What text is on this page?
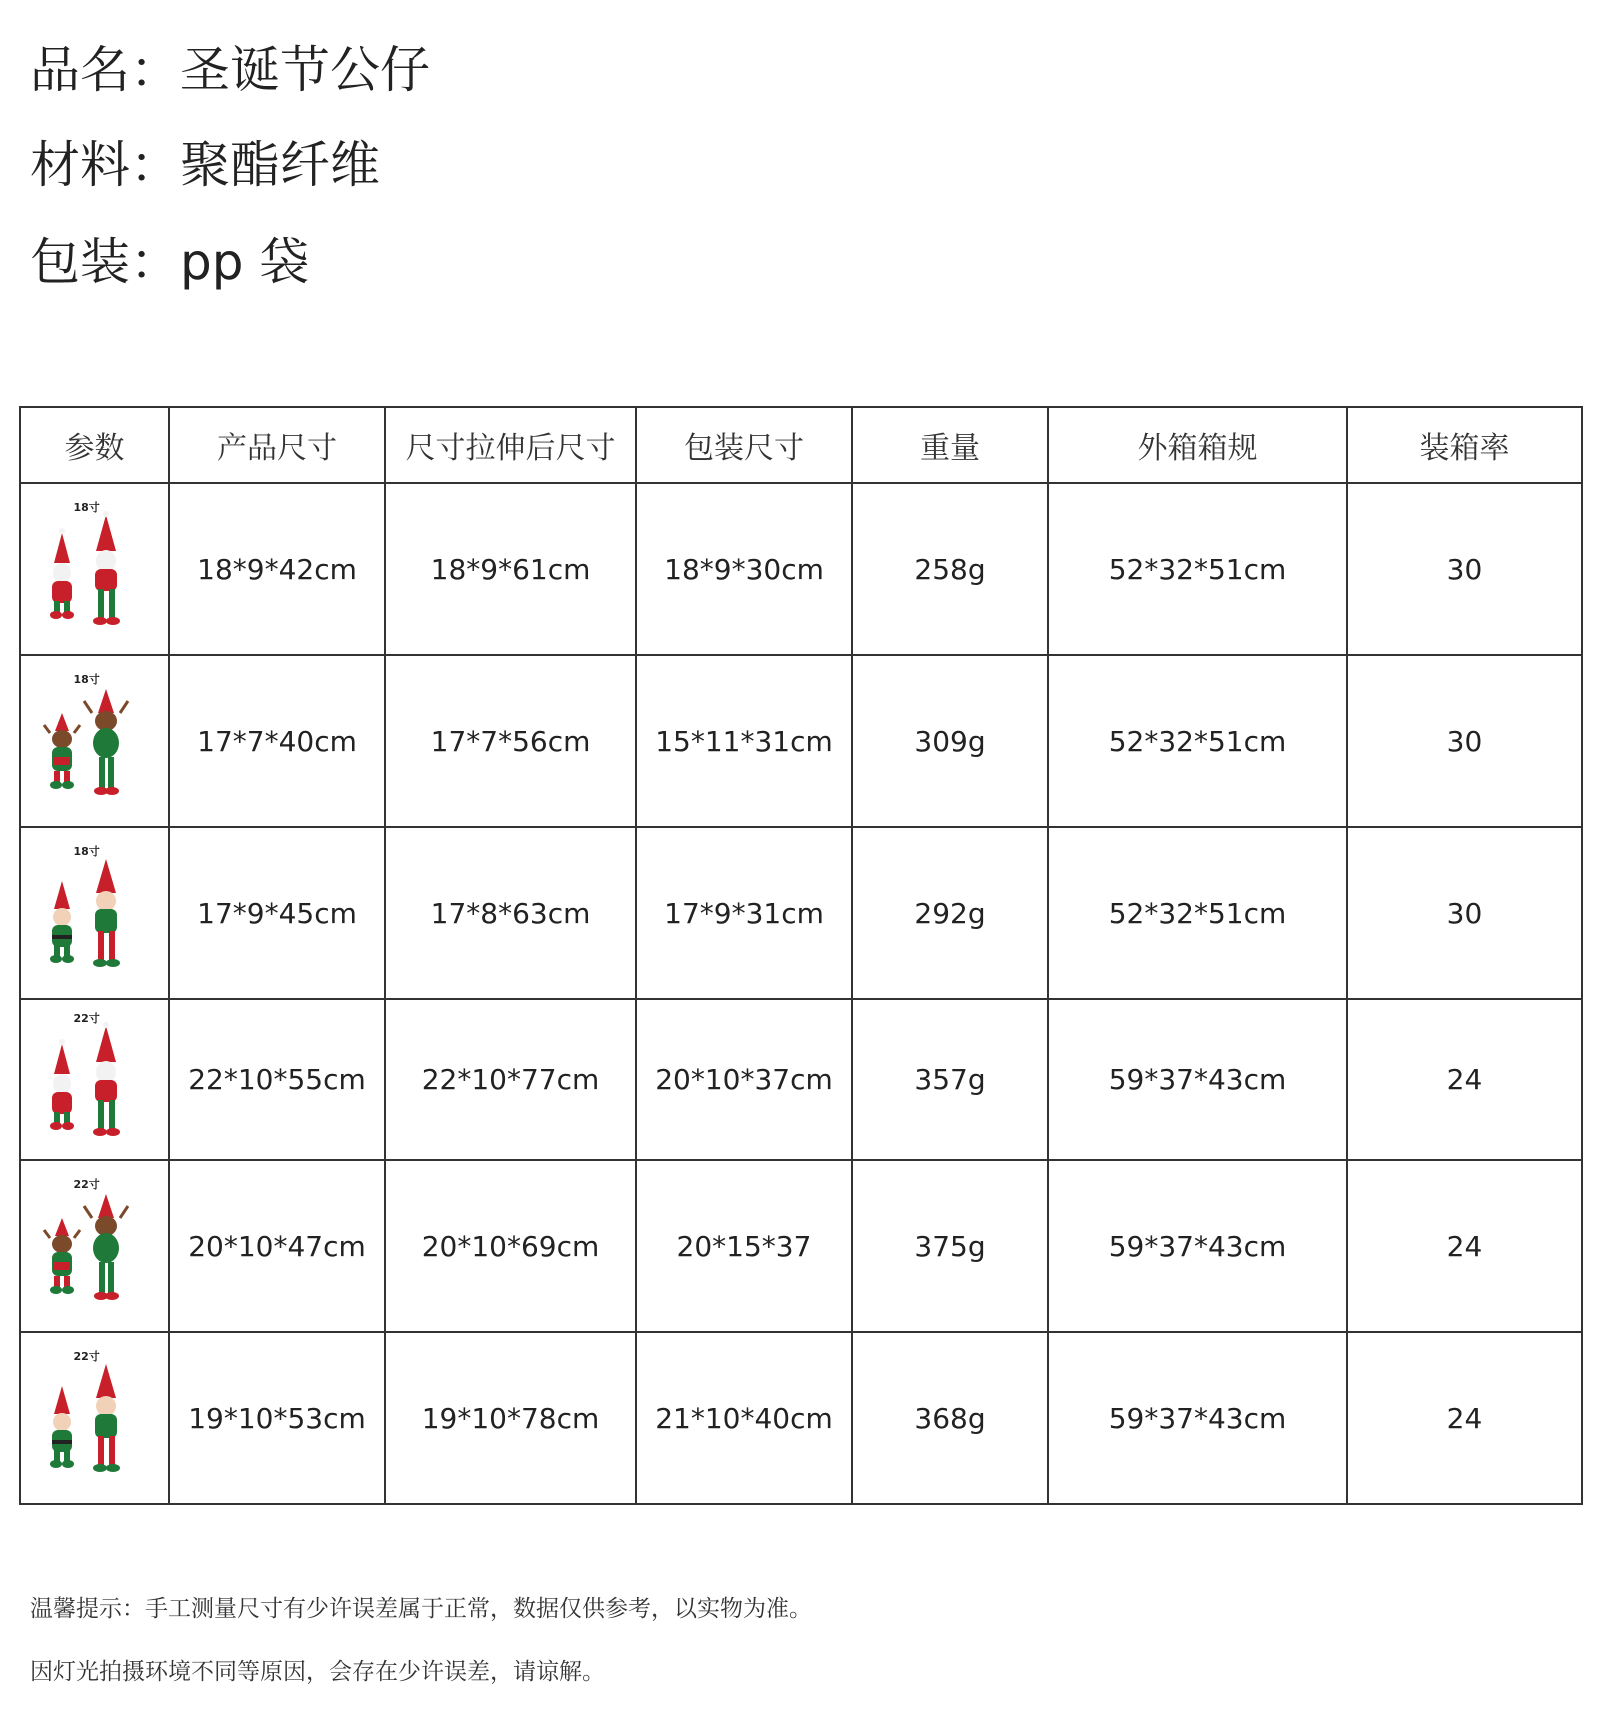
品名：圣诞节公仔
材料：聚酯纤维
包装：pp 袋
参数	产品尺寸	尺寸拉伸后尺寸	包装尺寸	重量	外箱箱规	装箱率

18寸	18*9*42cm	18*9*61cm	18*9*30cm	258g	52*32*51cm	30

18寸	17*7*40cm	17*7*56cm	15*11*31cm	309g	52*32*51cm	30

18寸	17*9*45cm	17*8*63cm	17*9*31cm	292g	52*32*51cm	30

22寸	22*10*55cm	22*10*77cm	20*10*37cm	357g	59*37*43cm	24

22寸	20*10*47cm	20*10*69cm	20*15*37	375g	59*37*43cm	24

22寸	19*10*53cm	19*10*78cm	21*10*40cm	368g	59*37*43cm	24
温馨提示：手工测量尺寸有少许误差属于正常，数据仅供参考，以实物为准。
因灯光拍摄环境不同等原因，会存在少许误差，请谅解。
